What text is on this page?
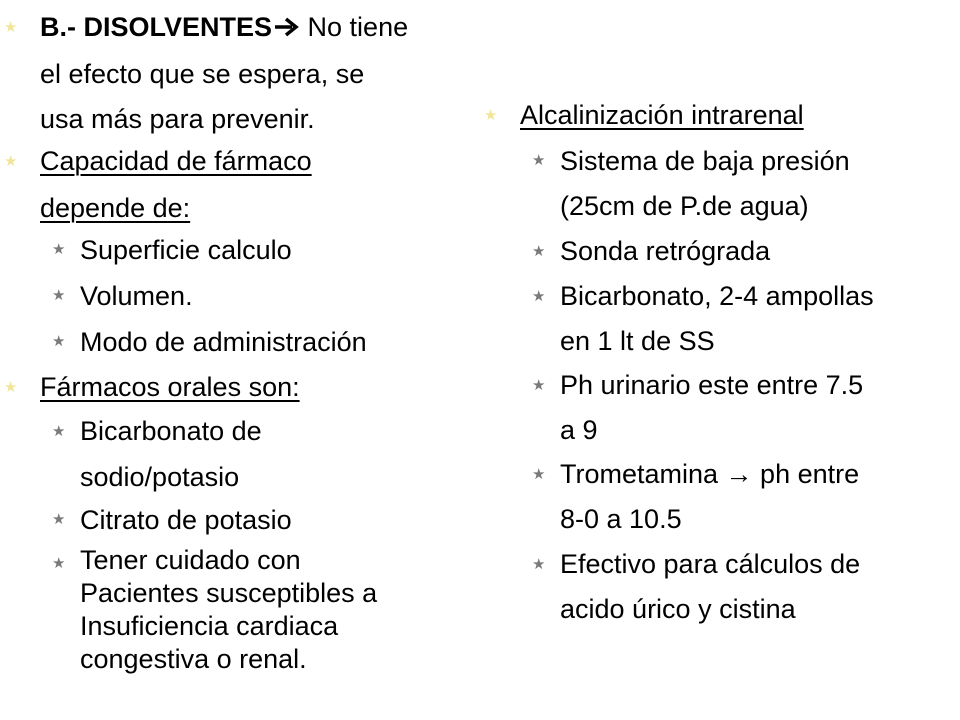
★ B.- DISOLVENTES No tiene
el efecto que se espera, se
usa más para prevenir.
★ Capacidad de fármaco
depende de:
★ Superficie calculo
★ Volumen.
★ Modo de administración
★ Fármacos orales son:
★ Bicarbonato de
sodio/potasio
★ Citrato de potasio
★ Tener cuidado con
Pacientes susceptibles a
Insuficiencia cardiaca
congestiva o renal.
★ Alcalinización intrarenal
★ Sistema de baja presión
(25cm de P.de agua)
★ Sonda retrógrada
★ Bicarbonato, 2-4 ampollas
en 1 lt de SS
★ Ph urinario este entre 7.5
a 9
★ Trometamina → ph entre
8-0 a 10.5
★ Efectivo para cálculos de
acido úrico y cistina
